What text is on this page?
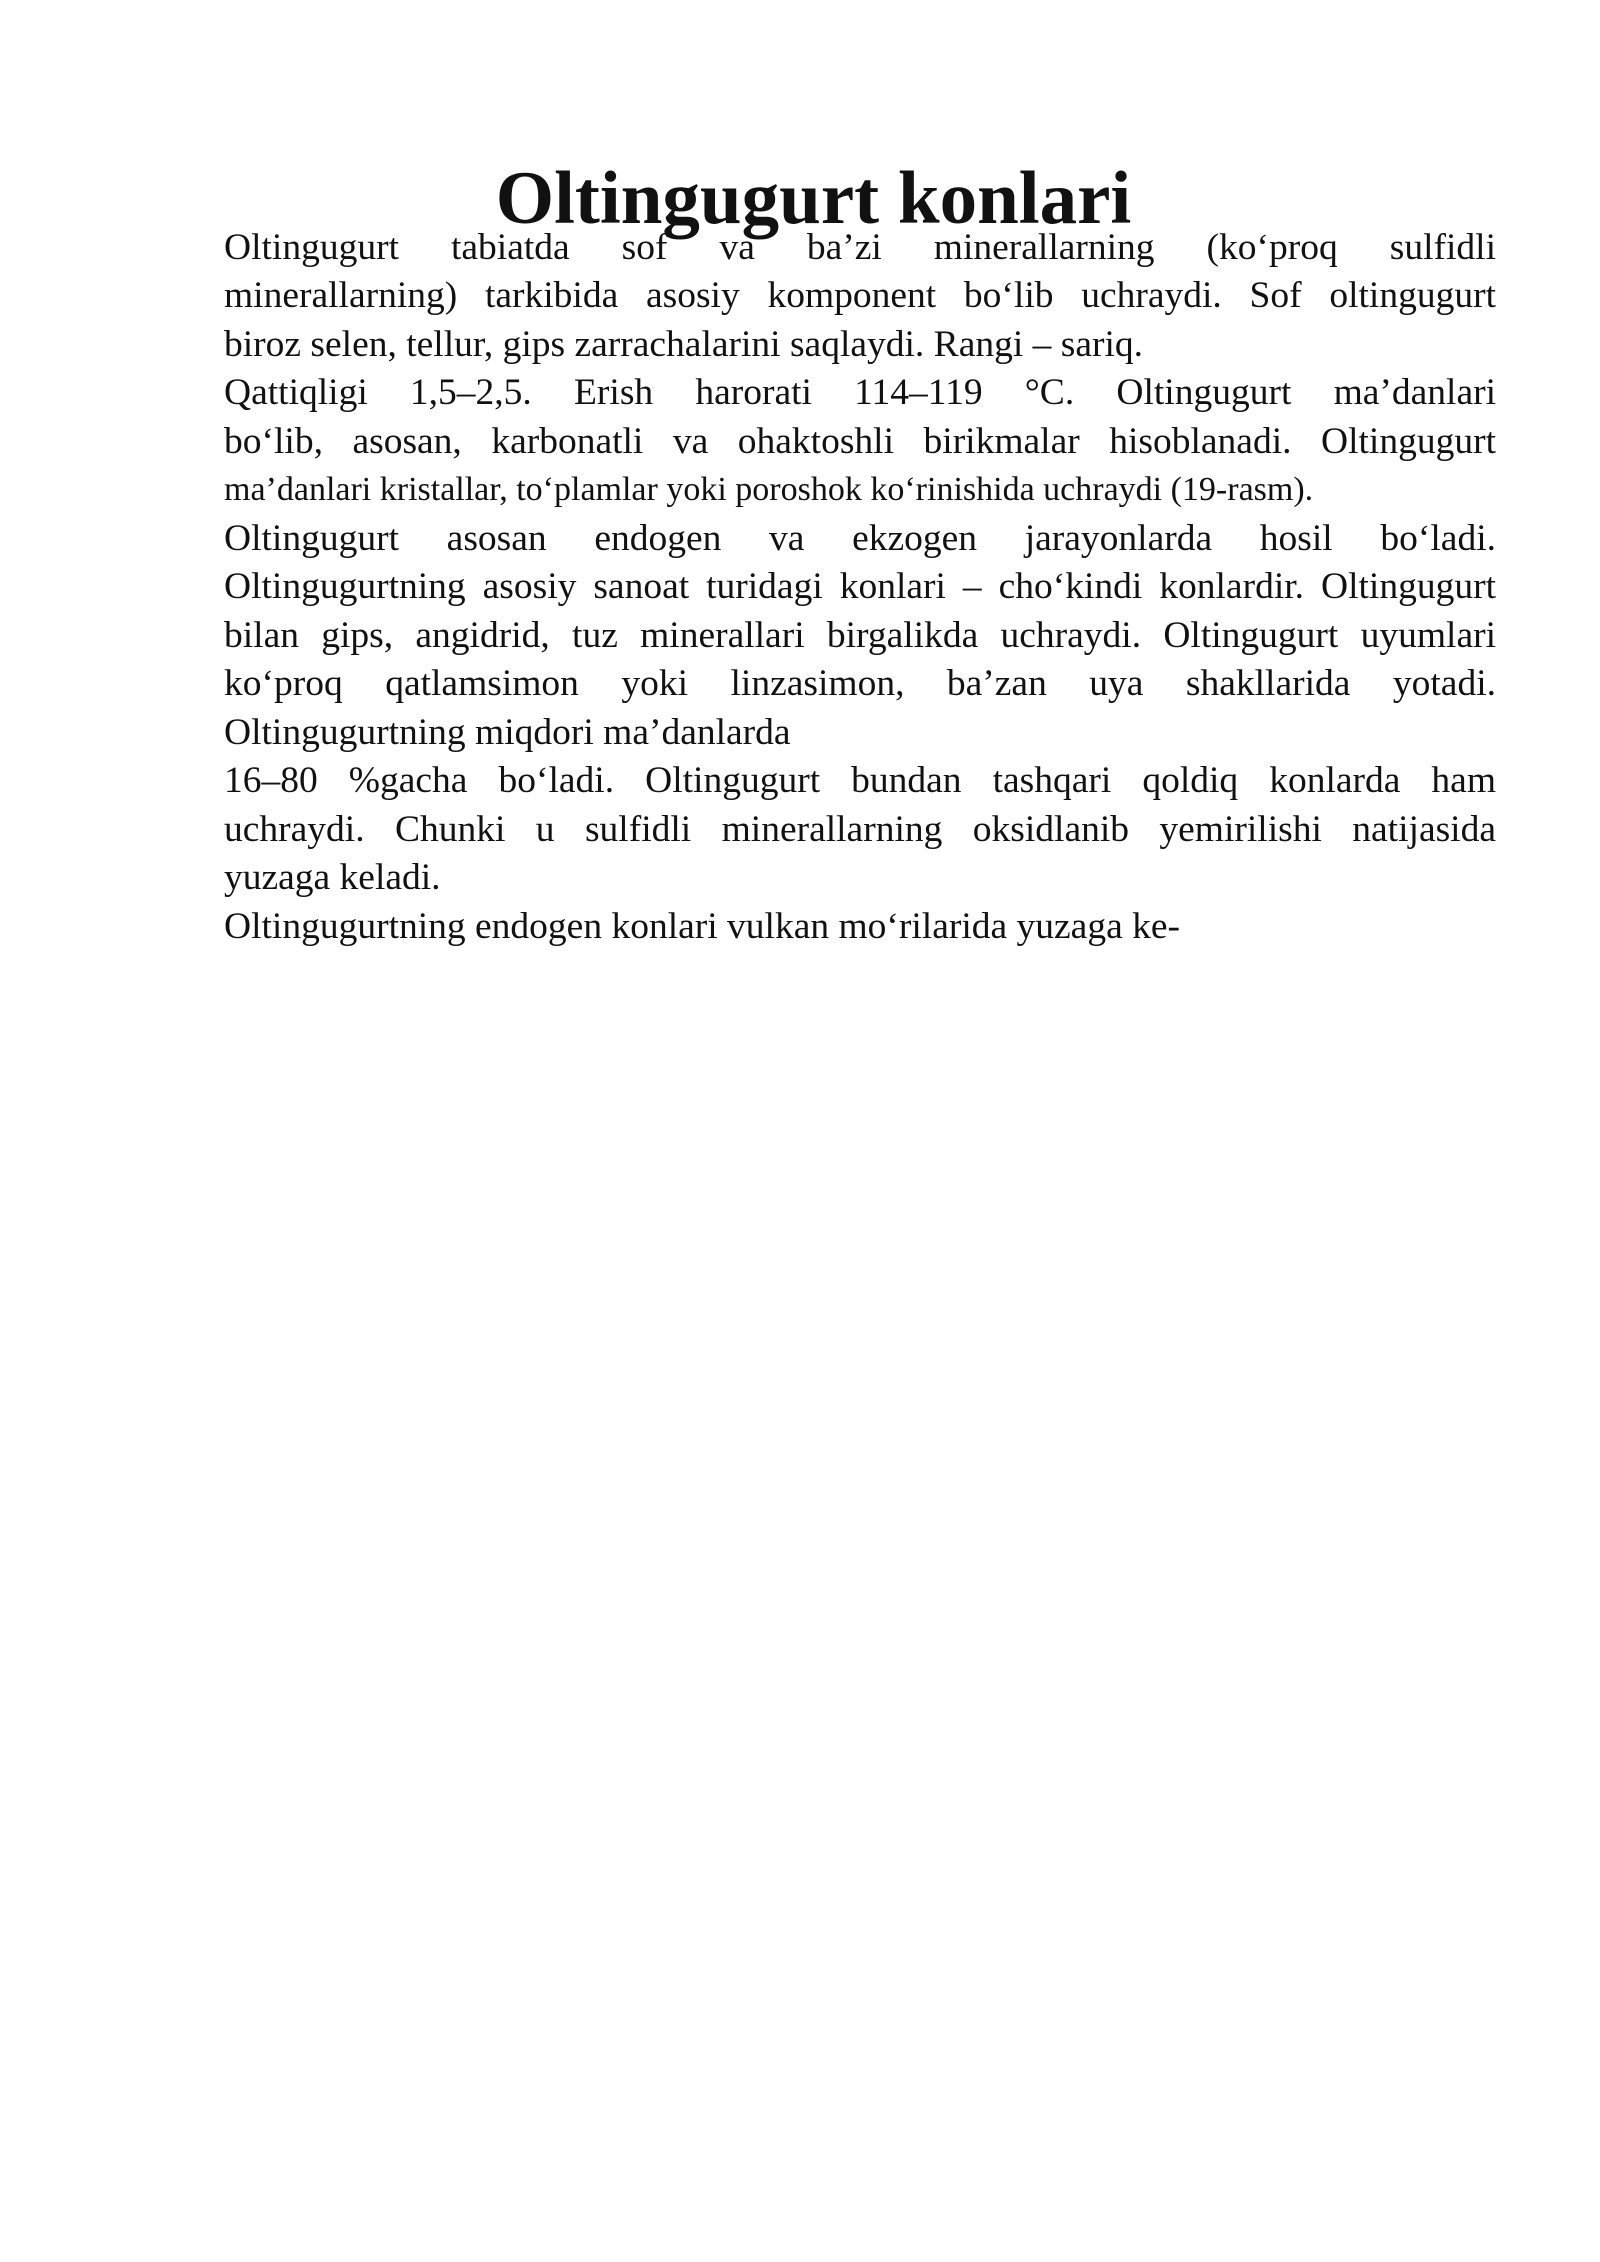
Oltingugurt konlari

Oltingugurt tabiatda sof va ba’zi minerallarning (ko‘proq sulfidli

minerallarning) tarkibida asosiy komponent bo‘lib uchraydi. Sof oltingugurt

biroz selen, tellur, gips zarrachalarini saqlaydi. Rangi – sariq.

Qattiqligi 1,5–2,5. Erish harorati 114–119 °C. Oltingugurt ma’danlari

bo‘lib, asosan, karbonatli va ohaktoshli birikmalar hisoblanadi. Oltingugurt

ma’danlari kristallar, to‘plamlar yoki poroshok ko‘rinishida uchraydi (19-rasm).

Oltingugurt asosan endogen va ekzogen jarayonlarda hosil bo‘ladi.

Oltingugurtning asosiy sanoat turidagi konlari – cho‘kindi konlardir. Oltingugurt

bilan gips, angidrid, tuz minerallari birgalikda uchraydi. Oltingugurt uyumlari

ko‘proq qatlamsimon yoki linzasimon, ba’zan uya shakllarida yotadi.

Oltingugurtning miqdori ma’danlarda

16–80 %gacha bo‘ladi. Oltingugurt bundan tashqari qoldiq konlarda ham

uchraydi. Chunki u sulfidli minerallarning oksidlanib yemirilishi natijasida

yuzaga keladi.

Oltingugurtning endogen konlari vulkan mo‘rilarida yuzaga ke-
